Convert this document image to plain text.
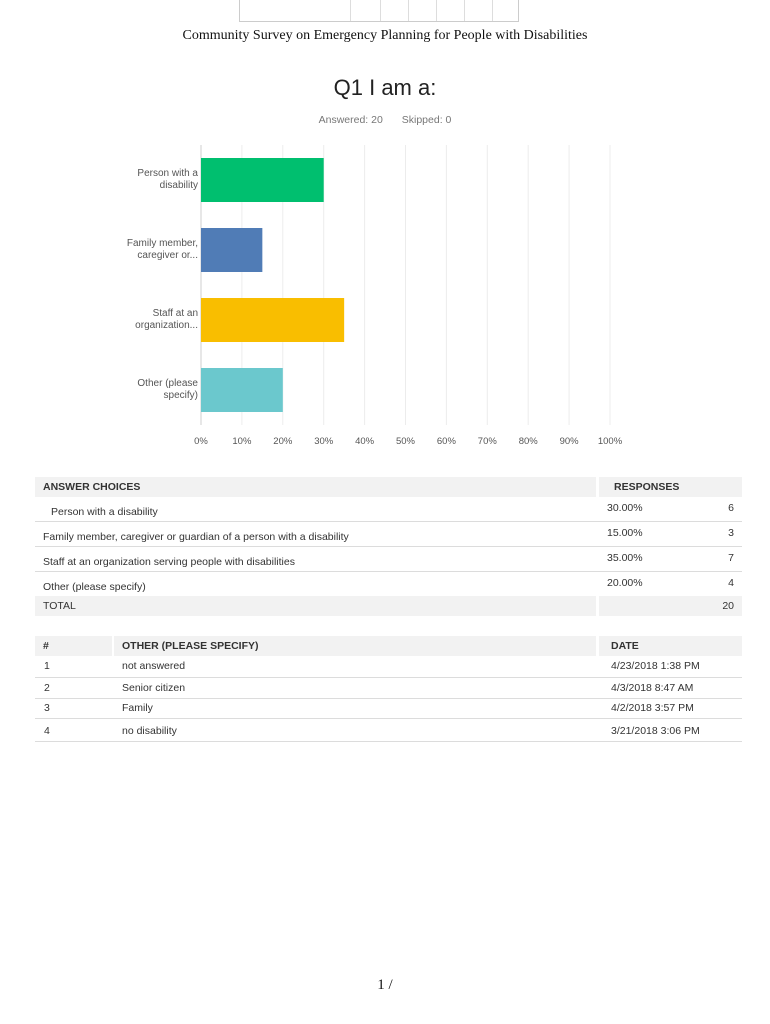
Community Survey on Emergency Planning for People with Disabilities
Q1 I am a:
Answered: 20 Skipped: 0
Person with a disability
Family member, caregiver or...
Staff at an organization...
Other (please specify)
0%	10% 20% 30% 40% 50% 60% 70% 80% 90% 100%
ANSWER CHOICES	RESPONSES
Person with a disability	30.00%	6
Family member, caregiver or guardian of a person with a disability	15.00%	3
Staff at an organization serving people with disabilities	35.00%	7
Other (please specify)	20.00%	4
TOTAL	20
#	OTHER (PLEASE SPECIFY)	DATE
1	not answered	4/23/2018 1:38 PM
2	Senior citizen	4/3/2018 8:47 AM
3	Family	4/2/2018 3:57 PM
4	no disability	3/21/2018 3:06 PM
1 /
